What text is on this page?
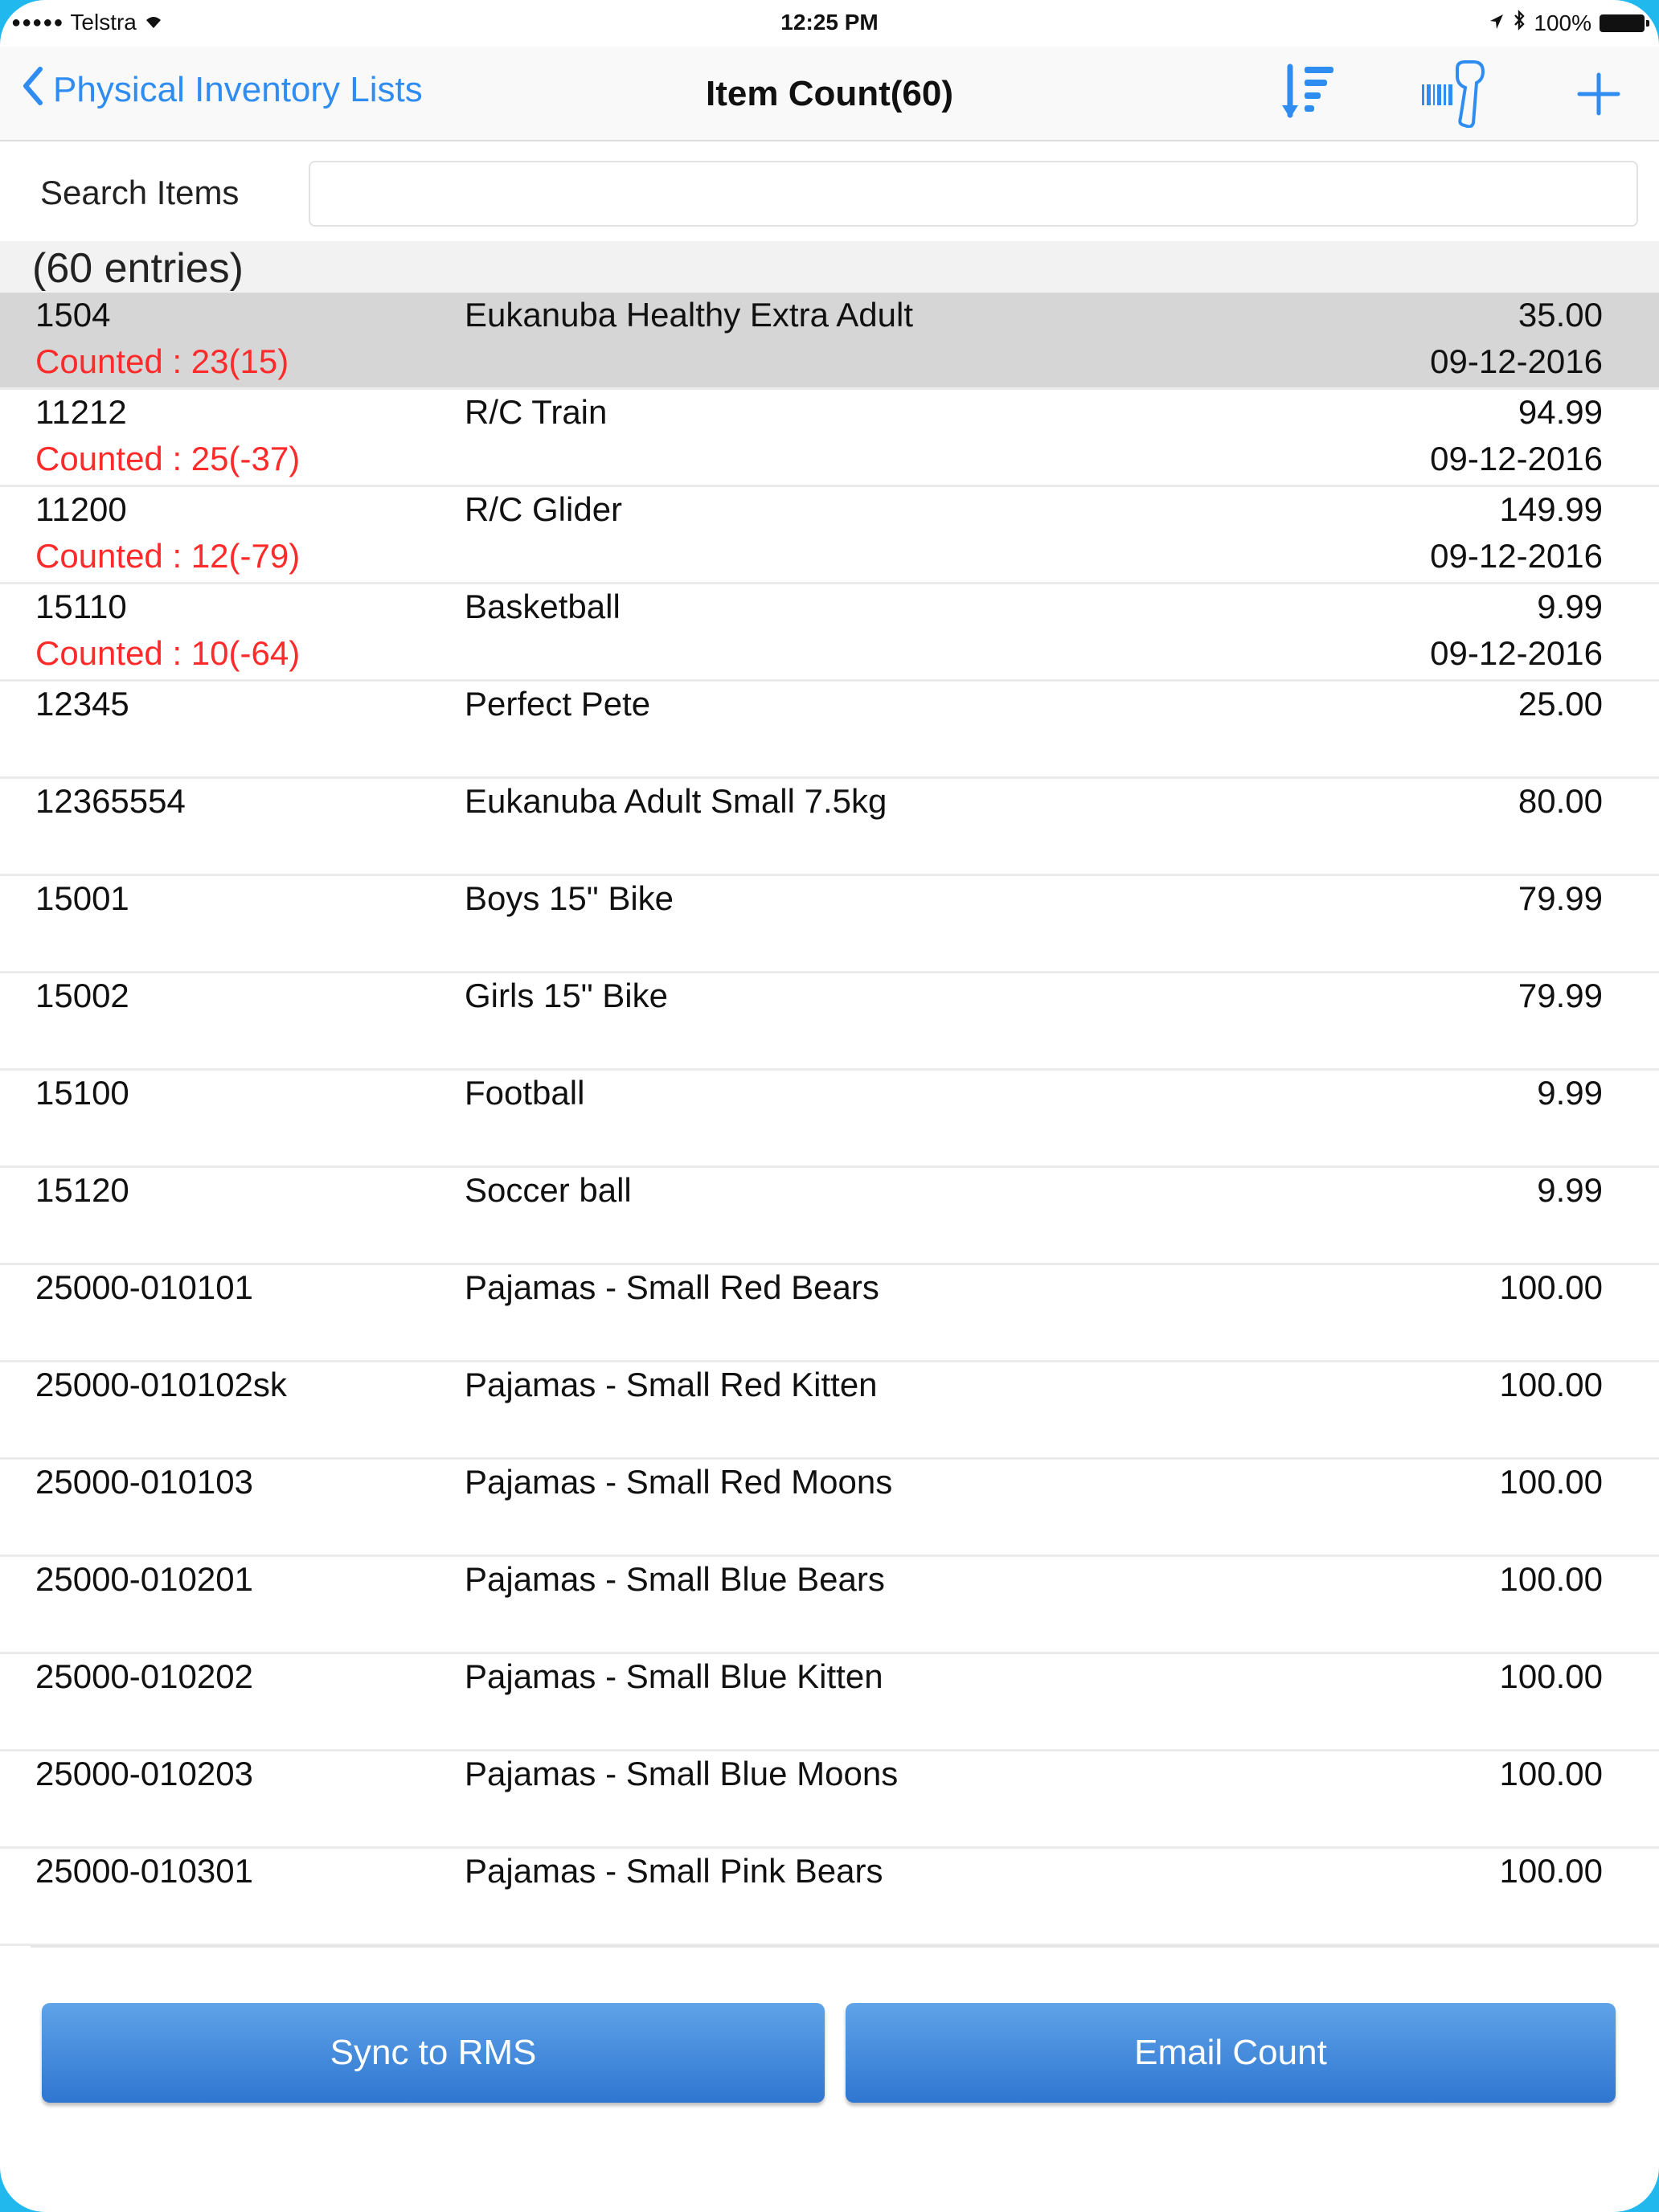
●●●●● Telstra	12:25 PM	100%
Physical Inventory Lists	Item Count(60)
Search Items
(60 entries)
1504	Eukanuba Healthy Extra Adult	35.00
Counted : 23(15)	09-12-2016
11212	R/C Train	94.99
Counted : 25(-37)	09-12-2016
11200	R/C Glider	149.99
Counted : 12(-79)	09-12-2016
15110	Basketball	9.99
Counted : 10(-64)	09-12-2016
12345	Perfect Pete	25.00
12365554	Eukanuba Adult Small 7.5kg	80.00
15001	Boys 15" Bike	79.99
15002	Girls 15" Bike	79.99
15100	Football	9.99
15120	Soccer ball	9.99
25000-010101	Pajamas - Small Red Bears	100.00
25000-010102sk	Pajamas - Small Red Kitten	100.00
25000-010103	Pajamas - Small Red Moons	100.00
25000-010201	Pajamas - Small Blue Bears	100.00
25000-010202	Pajamas - Small Blue Kitten	100.00
25000-010203	Pajamas - Small Blue Moons	100.00
25000-010301	Pajamas - Small Pink Bears	100.00
Sync to RMS	Email Count
